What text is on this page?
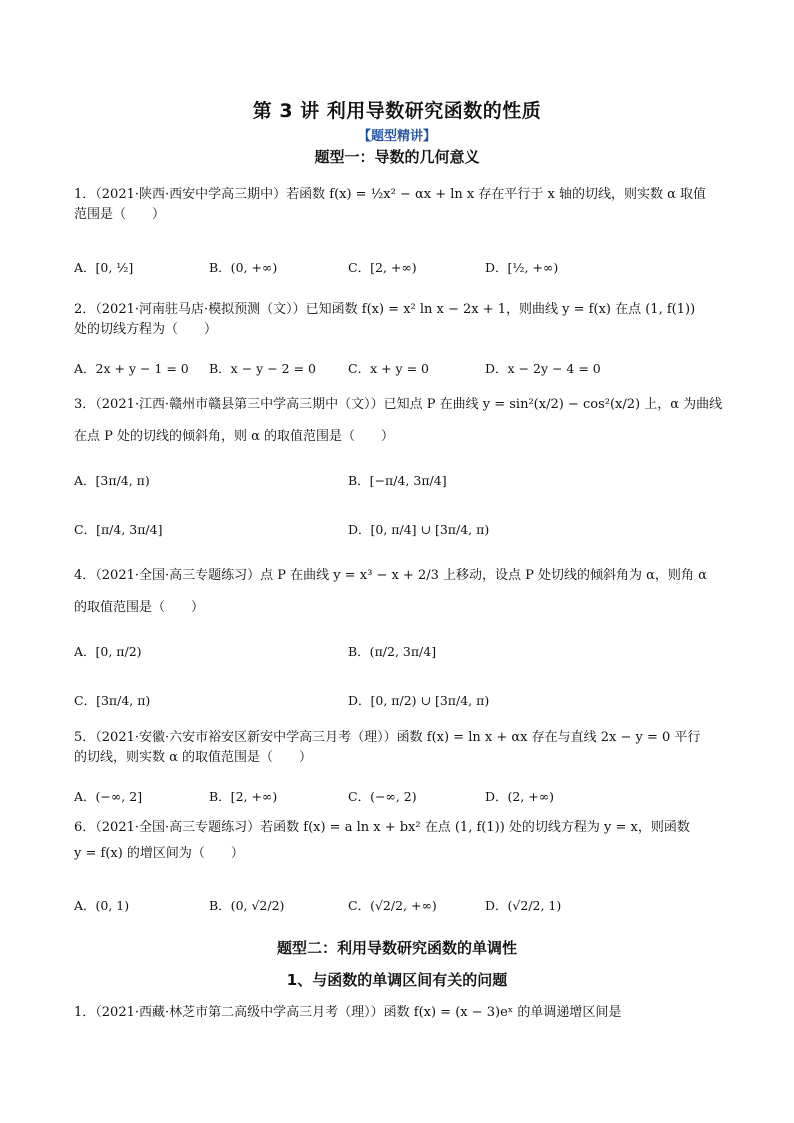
第 3 讲 利用导数研究函数的性质
【题型精讲】
题型一：导数的几何意义
1．（2021·陕西·西安中学高三期中）若函数 f(x) = ½x² − αx + ln x 存在平行于 x 轴的切线，则实数 α 取值
范围是（　　）
A．[0, ½]	B．(0, +∞)	C．[2, +∞)	D．[½, +∞)
2．（2021·河南驻马店·模拟预测（文））已知函数 f(x) = x² ln x − 2x + 1，则曲线 y = f(x) 在点 (1, f(1))
处的切线方程为（　　）
A．2x + y − 1 = 0 B．x − y − 2 = 0	C．x + y = 0	D．x − 2y − 4 = 0
3．（2021·江西·赣州市赣县第三中学高三期中（文））已知点 P 在曲线 y = sin²(x/2) − cos²(x/2) 上，α 为曲线
在点 P 处的切线的倾斜角，则 α 的取值范围是（　　）
A．[3π/4, π)	B．[−π/4, 3π/4]
C．[π/4, 3π/4]	D．[0, π/4] ∪ [3π/4, π)
4．（2021·全国·高三专题练习）点 P 在曲线 y = x³ − x + 2/3 上移动，设点 P 处切线的倾斜角为 α，则角 α
的取值范围是（　　）
A．[0, π/2)	B．(π/2, 3π/4]
C．[3π/4, π)	D．[0, π/2) ∪ [3π/4, π)
5．（2021·安徽·六安市裕安区新安中学高三月考（理））函数 f(x) = ln x + αx 存在与直线 2x − y = 0 平行
的切线，则实数 α 的取值范围是（　　）
A．(−∞, 2]	B．[2, +∞)	C．(−∞, 2)	D．(2, +∞)
6．（2021·全国·高三专题练习）若函数 f(x) = a ln x + bx² 在点 (1, f(1)) 处的切线方程为 y = x，则函数
y = f(x) 的增区间为（　　）
A．(0, 1)	B．(0, √2/2)	C．(√2/2, +∞)	D．(√2/2, 1)
题型二：利用导数研究函数的单调性
1、与函数的单调区间有关的问题
1．（2021·西藏·林芝市第二高级中学高三月考（理））函数 f(x) = (x − 3)eˣ 的单调递增区间是
